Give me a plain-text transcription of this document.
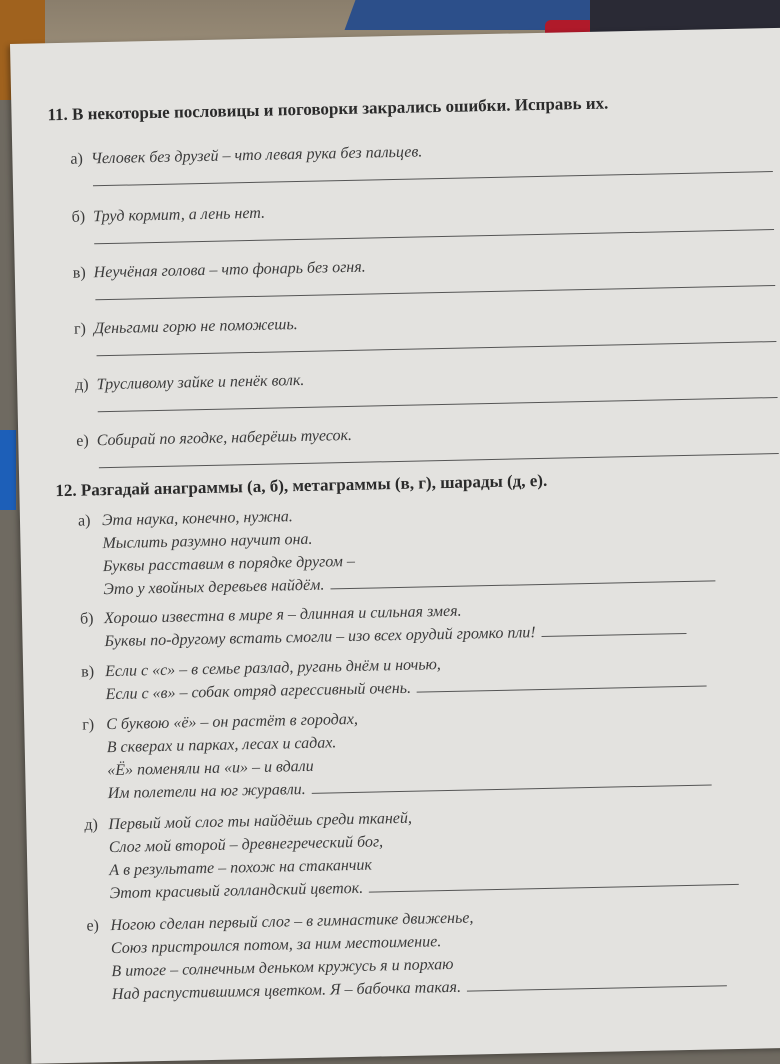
11. В некоторые пословицы и поговорки закрались ошибки. Исправь их.
а) Человек без друзей – что левая рука без пальцев.
б) Труд кормит, а лень нет.
в) Неучёная голова – что фонарь без огня.
г) Деньгами горю не поможешь.
д) Трусливому зайке и пенёк волк.
е) Собирай по ягодке, наберёшь туесок.
12. Разгадай анаграммы (а, б), метаграммы (в, г), шарады (д, е).
а) Эта наука, конечно, нужна.
Мыслить разумно научит она.
Буквы расставим в порядке другом –
Это у хвойных деревьев найдём.
б) Хорошо известна в мире я – длинная и сильная змея.
Буквы по-другому встать смогли – изо всех орудий громко пли!
в) Если с «с» – в семье разлад, ругань днём и ночью,
Если с «в» – собак отряд агрессивный очень.
г) С буквою «ё» – он растёт в городах,
В скверах и парках, лесах и садах.
«Ё» поменяли на «и» – и вдали
Им полетели на юг журавли.
д) Первый мой слог ты найдёшь среди тканей,
Слог мой второй – древнегреческий бог,
А в результате – похож на стаканчик
Этот красивый голландский цветок.
е) Ногою сделан первый слог – в гимнастике движенье,
Союз пристроился потом, за ним местоимение.
В итоге – солнечным деньком кружусь я и порхаю
Над распустившимся цветком. Я – бабочка такая.
